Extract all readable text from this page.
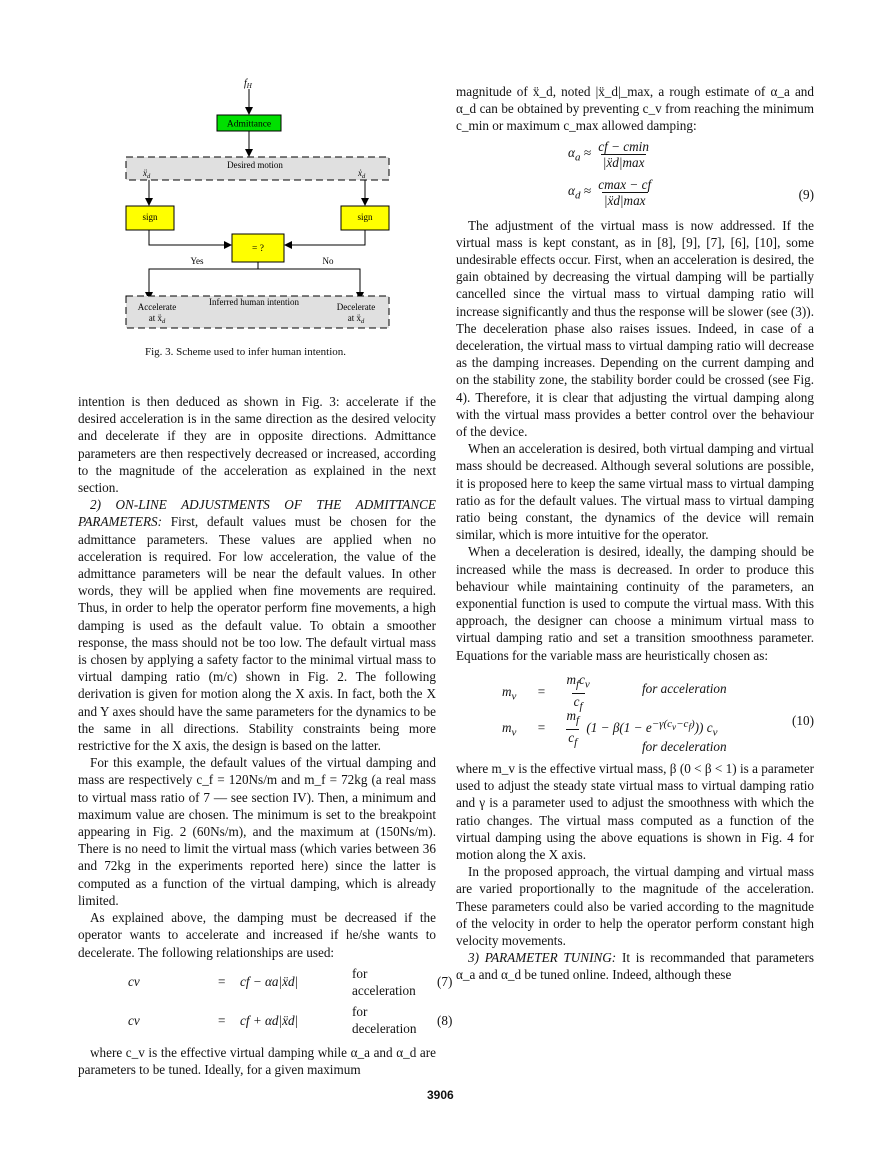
$f_H$
Admittance
Desired motion
ẍ$_d$	ẋ$_d$
sign	sign
= ?
Yes	No
Inferred human intention
Accelerate
at ẍ$_d$
Decelerate
at ẍ$_d$
Fig. 3. Scheme used to infer human intention.

intention is then deduced as shown in Fig. 3: accelerate if the desired acceleration is in the same direction as the desired velocity and decelerate if they are in opposite directions. Admittance parameters are then respectively decreased or increased, according to the magnitude of the acceleration as explained in the next section.

2) ON-LINE ADJUSTMENTS OF THE ADMITTANCE PARAMETERS: First, default values must be chosen for the admittance parameters. These values are applied when no acceleration is required. For low acceleration, the value of the admittance parameters will be near the default values. In other words, they will be applied when fine movements are required. Thus, in order to help the operator perform fine movements, a high damping is used as the default value. To obtain a smoother response, the mass should not be too low. The default virtual mass is chosen by applying a safety factor to the minimal virtual mass to virtual damping ratio (m/c) shown in Fig. 2. The following derivation is given for motion along the X axis. In fact, both the X and Y axes should have the same parameters for the dynamics to be the same in all directions. Stability constraints being more restrictive for the X axis, the design is based on the latter.

For this example, the default values of the virtual damping and mass are respectively c_f = 120Ns/m and m_f = 72kg (a real mass to virtual mass ratio of 7 — see section IV). Then, a minimum and maximum value are chosen. The minimum is set to the breakpoint appearing in Fig. 2 (60Ns/m), and the maximum at (150Ns/m). There is no need to limit the virtual mass (which varies between 36 and 72kg in the experiments reported here) since the latter is computed as a function of the virtual damping, which is already limited.

As explained above, the damping must be decreased if the operator wants to accelerate and increased if he/she wants to decelerate. The following relationships are used:

cv	=	cf − αa|ẍd|
for acceleration
(7)
cv	=	cf + αd|ẍd|
for deceleration
(8)

where c_v is the effective virtual damping while α_a and α_d are parameters to be tuned. Ideally, for a given maximum

magnitude of ẍ_d, noted |ẍ_d|_max, a rough estimate of α_a and α_d can be obtained by preventing c_v from reaching the minimum c_min or maximum c_max allowed damping:

$\alpha_a \approx \frac{cf - cmin}{\text{|ẍd|max}}$
$\alpha_d \approx \frac{cmax - cf}{\text{|ẍd|max}}$	(9)

The adjustment of the virtual mass is now addressed. If the virtual mass is kept constant, as in [8], [9], [7], [6], [10], some undesirable effects occur. First, when an acceleration is desired, the gain obtained by decreasing the virtual damping will be partially cancelled since the virtual mass to virtual damping ratio will increase significantly and thus the response will be slower (see (3)). The deceleration phase also raises issues. Indeed, in case of a deceleration, the virtual mass to virtual damping ratio will decrease as the damping increases. Depending on the current damping and on the stability zone, the stability border could be crossed (see Fig. 4). Therefore, it is clear that adjusting the virtual damping along with the virtual mass provides a better control over the behaviour of the device.

When an acceleration is desired, both virtual damping and virtual mass should be decreased. Although several solutions are possible, it is proposed here to keep the same virtual mass to virtual damping ratio as for the default values. The virtual mass to virtual damping ratio being constant, the dynamics of the device will remain similar, which is more intuitive for the operator.

When a deceleration is desired, ideally, the damping should be increased while the mass is decreased. In order to produce this behaviour while maintaining continuity of the parameters, an exponential function is used to compute the virtual mass. With this approach, the designer can choose a minimum virtual mass to virtual damping ratio and set a transition smoothness parameter. Equations for the variable mass are heuristically chosen as:

$m_v = \frac{m_fc_v}{c_f}$	for acceleration
$m_v = \frac{m_f}{c_f} (1 - \beta(1 - e^{-\gamma(c_v-c_f)}))$ $c_v$
(10)
for deceleration

where m_v is the effective virtual mass, β (0 < β < 1) is a parameter used to adjust the steady state virtual mass to virtual damping ratio and γ is a parameter used to adjust the smoothness with which the ratio changes. The virtual mass computed as a function of the virtual damping using the above equations is shown in Fig. 4 for motion along the X axis.

In the proposed approach, the virtual damping and virtual mass are varied proportionally to the magnitude of the acceleration. These parameters could also be varied according to the magnitude of the velocity in order to help the operator perform constant high velocity movements.

3) PARAMETER TUNING: It is recommanded that parameters α_a and α_d be tuned online. Indeed, although these

3906
